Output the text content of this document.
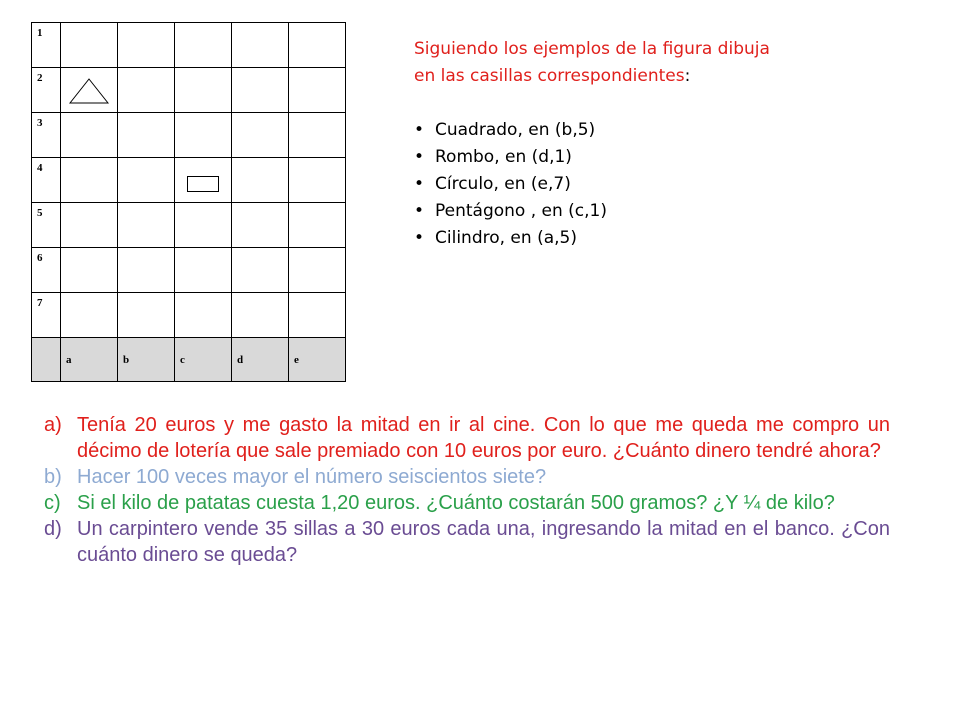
1					
2	

3					
4			

5					
6					
7					
	a	b	c	d	e
Siguiendo los ejemplos de la figura dibuja
en las casillas correspondientes:
• Cuadrado, en (b,5)
• Rombo, en (d,1)
• Círculo, en (e,7)
• Pentágono , en (c,1)
• Cilindro, en (a,5)
a) Tenía 20 euros y me gasto la mitad en ir al cine. Con lo que me queda me compro un décimo de lotería que sale premiado con 10 euros por euro. ¿Cuánto dinero tendré ahora?
b) Hacer 100 veces mayor el número seiscientos siete?
c) Si el kilo de patatas cuesta 1,20 euros. ¿Cuánto costarán 500 gramos? ¿Y ¼ de kilo?
d) Un carpintero vende 35 sillas a 30 euros cada una, ingresando la mitad en el banco. ¿Con cuánto dinero se queda?
